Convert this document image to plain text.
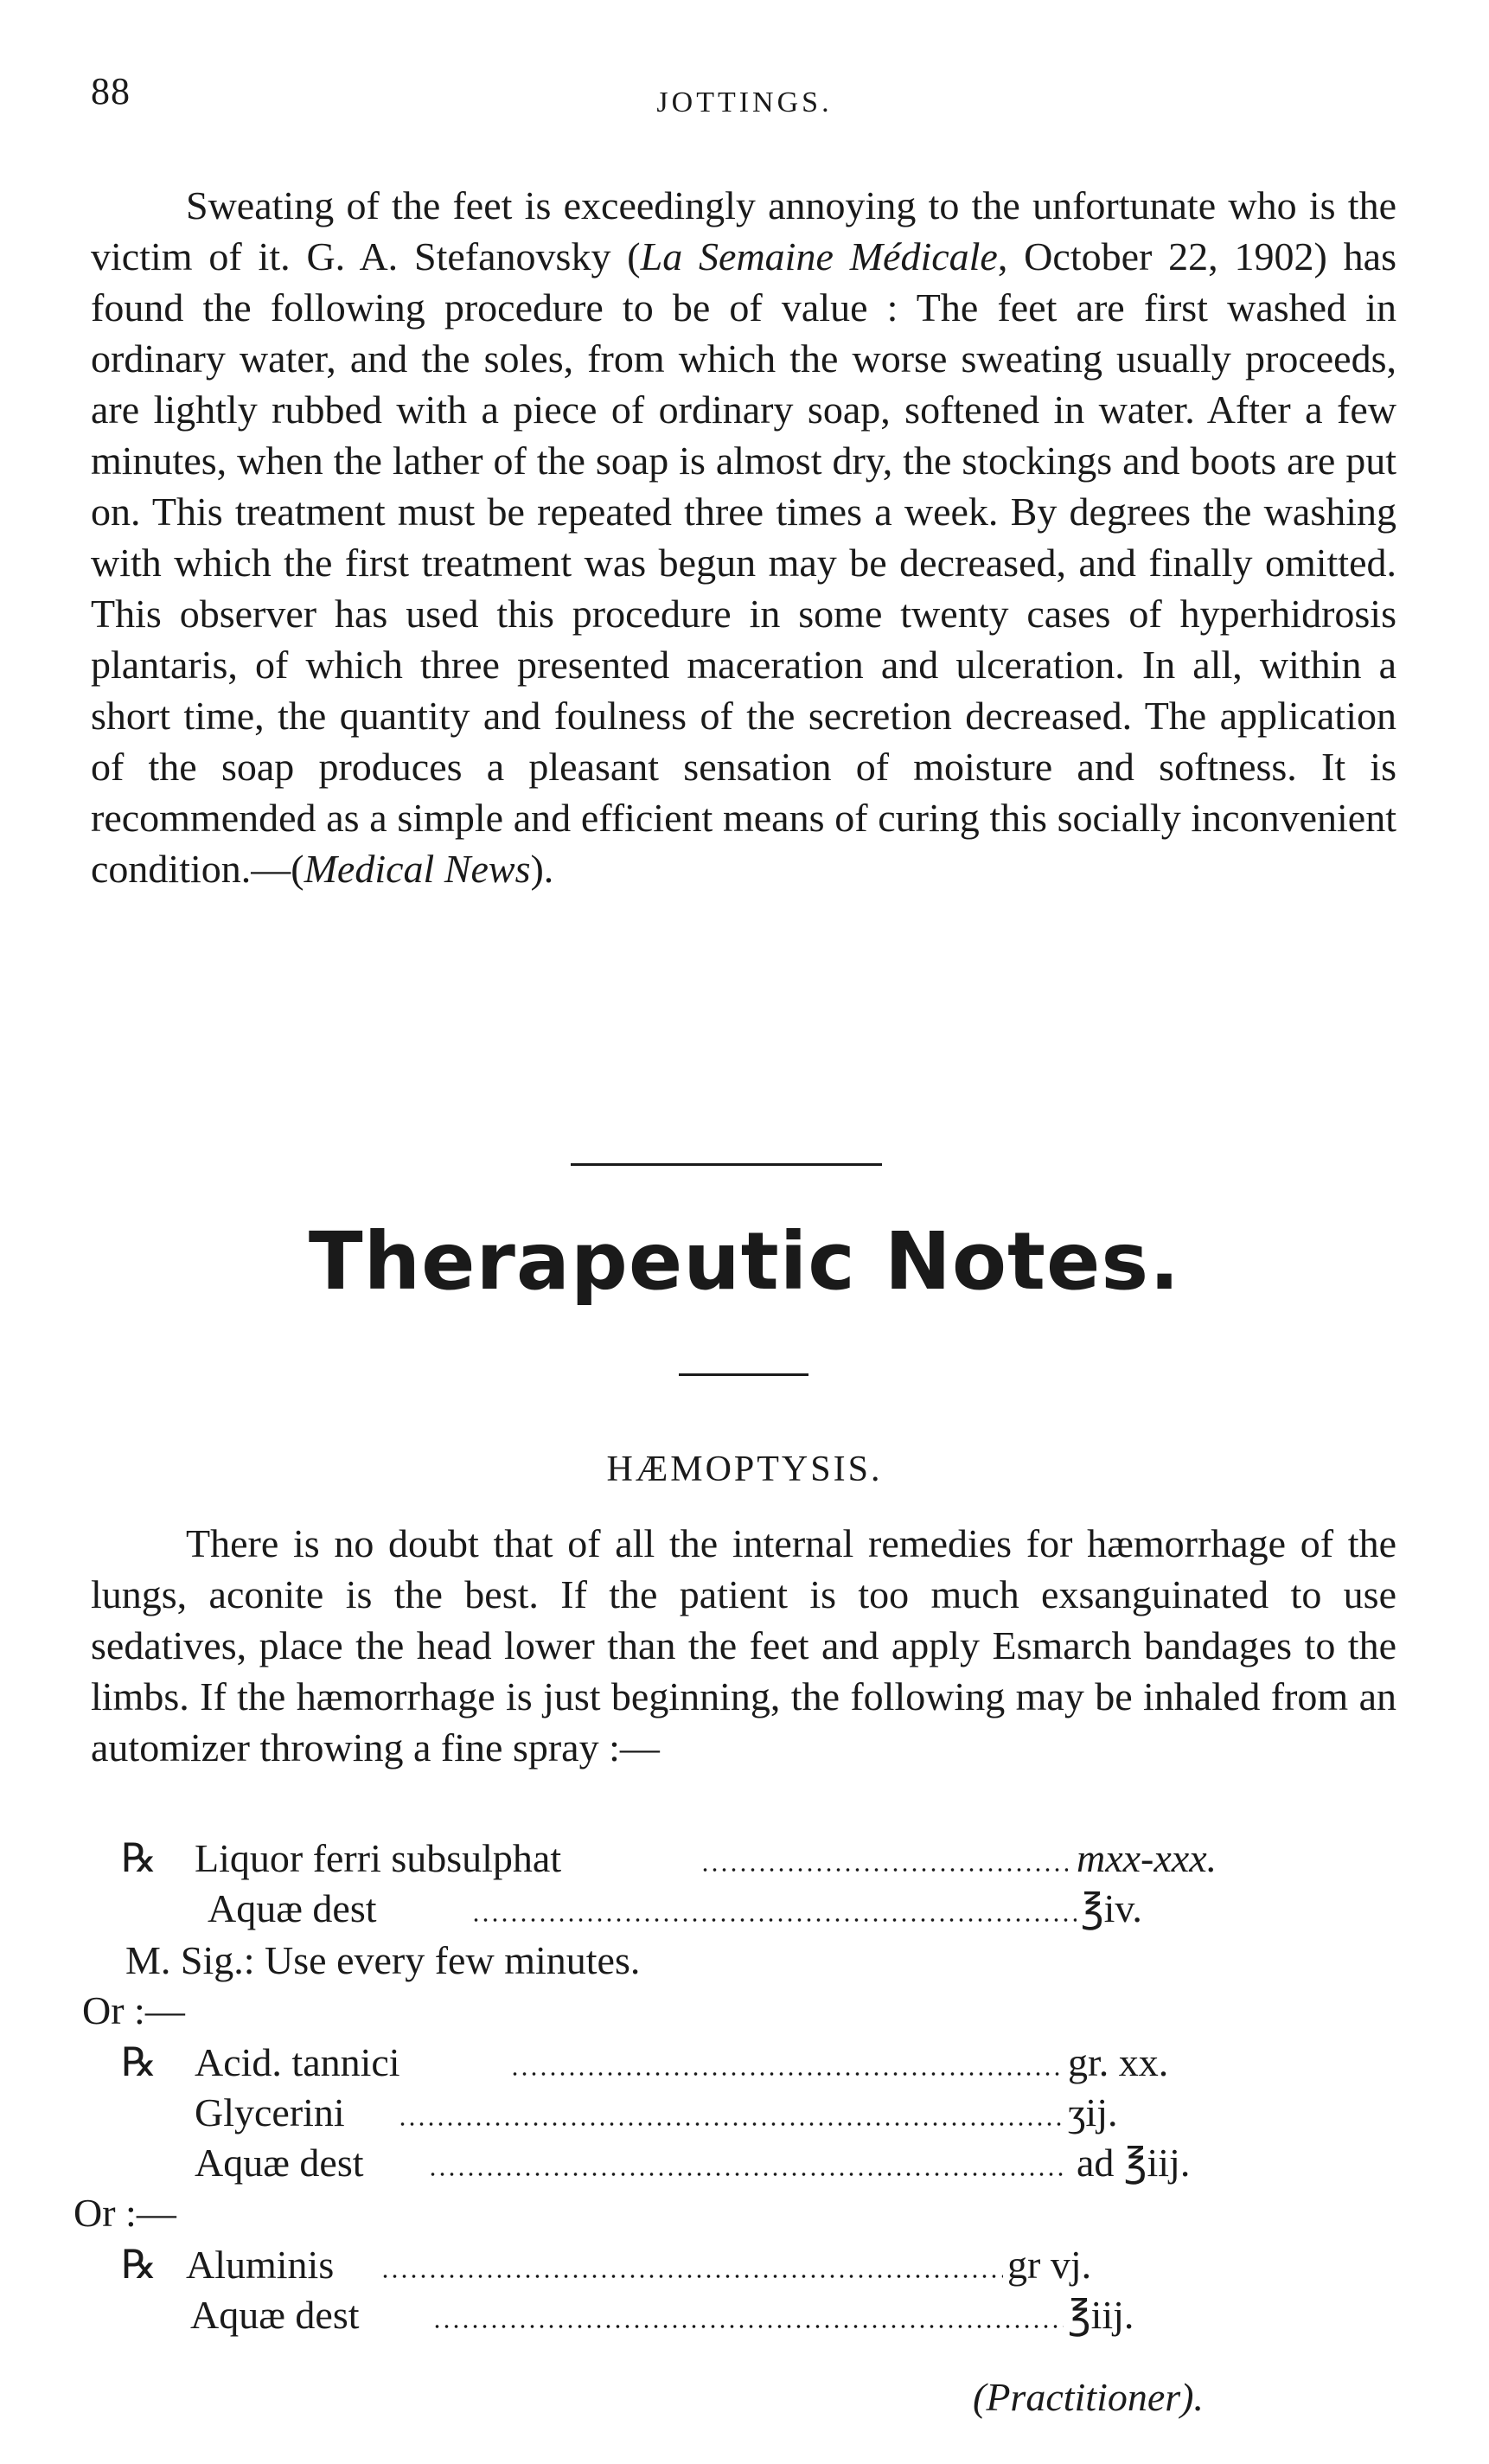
88	JOTTINGS.

Sweating of the feet is exceedingly annoying to the unfortunate who is the victim of it. G. A. Stefanovsky (La Semaine Médicale, October 22, 1902) has found the following procedure to be of value : The feet are first washed in ordinary water, and the soles, from which the worse sweating usually proceeds, are lightly rubbed with a piece of ordinary soap, softened in water. After a few minutes, when the lather of the soap is almost dry, the stockings and boots are put on. This treatment must be repeated three times a week. By degrees the washing with which the first treatment was begun may be decreased, and finally omitted. This observer has used this procedure in some twenty cases of hyperhidrosis plantaris, of which three presented maceration and ulceration. In all, within a short time, the quantity and foulness of the secretion decreased. The application of the soap produces a pleasant sensation of moisture and softness. It is recommended as a simple and efficient means of curing this socially inconvenient condition.—(Medical News).

Therapeutic Notes.
HÆMOPTYSIS.

There is no doubt that of all the internal remedies for hæmorrhage of the lungs, aconite is the best. If the patient is too much exsanguinated to use sedatives, place the head lower than the feet and apply Esmarch bandages to the limbs. If the hæmorrhage is just beginning, the following may be inhaled from an automizer throwing a fine spray :—

℞ Liquor ferri subsulphat	mxx-xxx.
Aquæ dest	℥iv.
M. Sig.: Use every few minutes.
Or :—
℞ Acid. tannici	gr. xx.
Glycerini	ʒij.
Aquæ dest	ad ℥iij.
Or :—
℞ Aluminis	gr vj.
Aquæ dest	℥iij.
(Practitioner).
